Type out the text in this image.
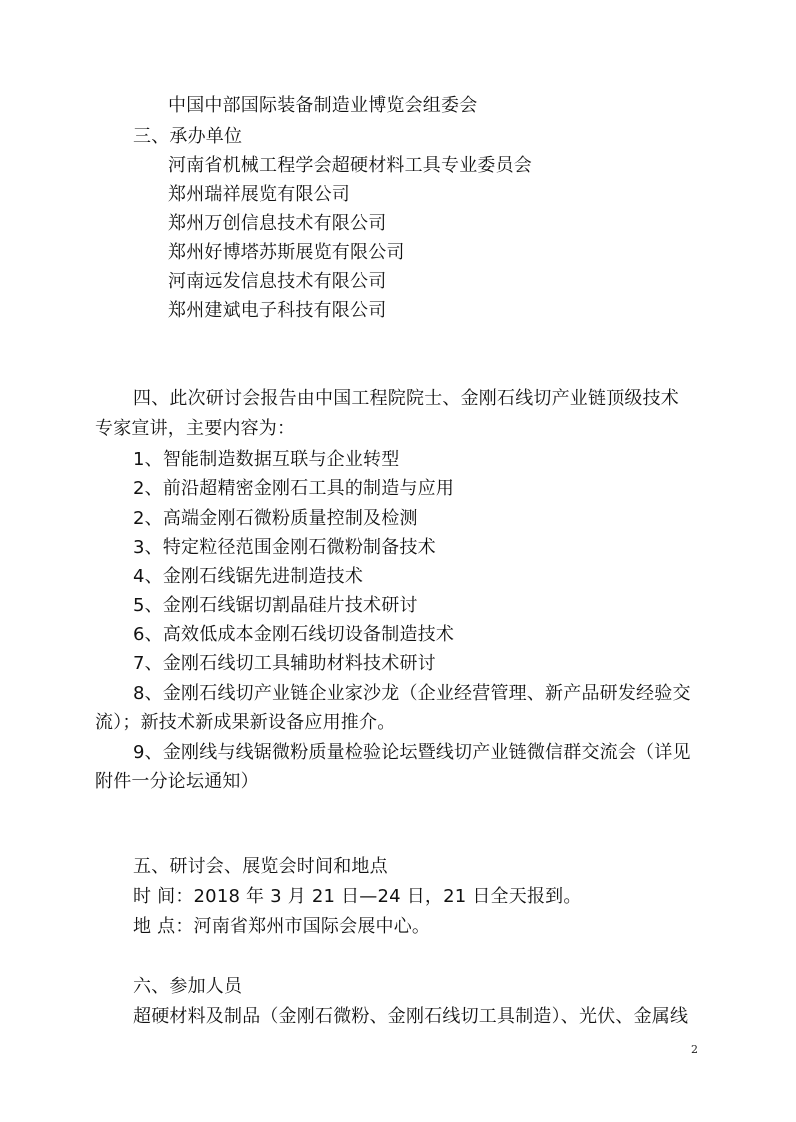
中国中部国际装备制造业博览会组委会
三、承办单位
河南省机械工程学会超硬材料工具专业委员会
郑州瑞祥展览有限公司
郑州万创信息技术有限公司
郑州好博塔苏斯展览有限公司
河南远发信息技术有限公司
郑州建斌电子科技有限公司
四、此次研讨会报告由中国工程院院士、金刚石线切产业链顶级技术
专家宣讲，主要内容为：
1、智能制造数据互联与企业转型
2、前沿超精密金刚石工具的制造与应用
2、高端金刚石微粉质量控制及检测
3、特定粒径范围金刚石微粉制备技术
4、金刚石线锯先进制造技术
5、金刚石线锯切割晶硅片技术研讨
6、高效低成本金刚石线切设备制造技术
7、金刚石线切工具辅助材料技术研讨
8、金刚石线切产业链企业家沙龙（企业经营管理、新产品研发经验交
流）；新技术新成果新设备应用推介。
9、金刚线与线锯微粉质量检验论坛暨线切产业链微信群交流会（详见
附件一分论坛通知）
五、研讨会、展览会时间和地点
时 间：2018 年 3 月 21 日—24 日，21 日全天报到。
地 点：河南省郑州市国际会展中心。
六、参加人员
超硬材料及制品（金刚石微粉、金刚石线切工具制造）、光伏、金属线
2
